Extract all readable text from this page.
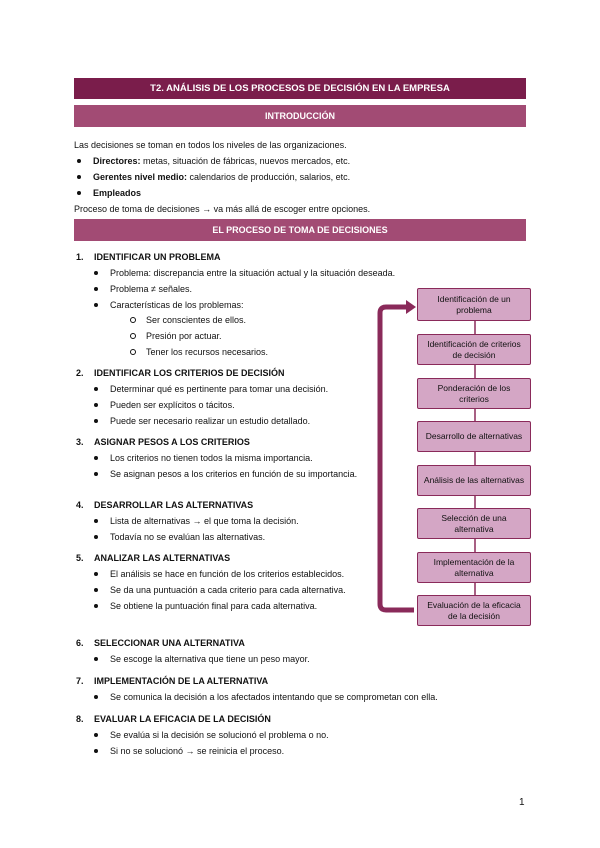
T2. ANÁLISIS DE LOS PROCESOS DE DECISIÓN EN LA EMPRESA
INTRODUCCIÓN
Las decisiones se toman en todos los niveles de las organizaciones.
Directores: metas, situación de fábricas, nuevos mercados, etc.
Gerentes nivel medio: calendarios de producción, salarios, etc.
Empleados
Proceso de toma de decisiones → va más allá de escoger entre opciones.
EL PROCESO DE TOMA DE DECISIONES
1. IDENTIFICAR UN PROBLEMA
Problema: discrepancia entre la situación actual y la situación deseada.
Problema ≠ señales.
Características de los problemas:
Ser conscientes de ellos.
Presión por actuar.
Tener los recursos necesarios.
2. IDENTIFICAR LOS CRITERIOS DE DECISIÓN
Determinar qué es pertinente para tomar una decisión.
Pueden ser explícitos o tácitos.
Puede ser necesario realizar un estudio detallado.
3. ASIGNAR PESOS A LOS CRITERIOS
Los criterios no tienen todos la misma importancia.
Se asignan pesos a los criterios en función de su importancia.
4. DESARROLLAR LAS ALTERNATIVAS
Lista de alternativas → el que toma la decisión.
Todavía no se evalúan las alternativas.
5. ANALIZAR LAS ALTERNATIVAS
El análisis se hace en función de los criterios establecidos.
Se da una puntuación a cada criterio para cada alternativa.
Se obtiene la puntuación final para cada alternativa.
6. SELECCIONAR UNA ALTERNATIVA
Se escoge la alternativa que tiene un peso mayor.
7. IMPLEMENTACIÓN DE LA ALTERNATIVA
Se comunica la decisión a los afectados intentando que se comprometan con ella.
8. EVALUAR LA EFICACIA DE LA DECISIÓN
Se evalúa si la decisión se solucionó el problema o no.
Si no se solucionó → se reinicia el proceso.
Identificación de un problema
Identificación de criterios de decisión
Ponderación de los criterios
Desarrollo de alternativas
Análisis de las alternativas
Selección de una alternativa
Implementación de la alternativa
Evaluación de la eficacia de la decisión
1
